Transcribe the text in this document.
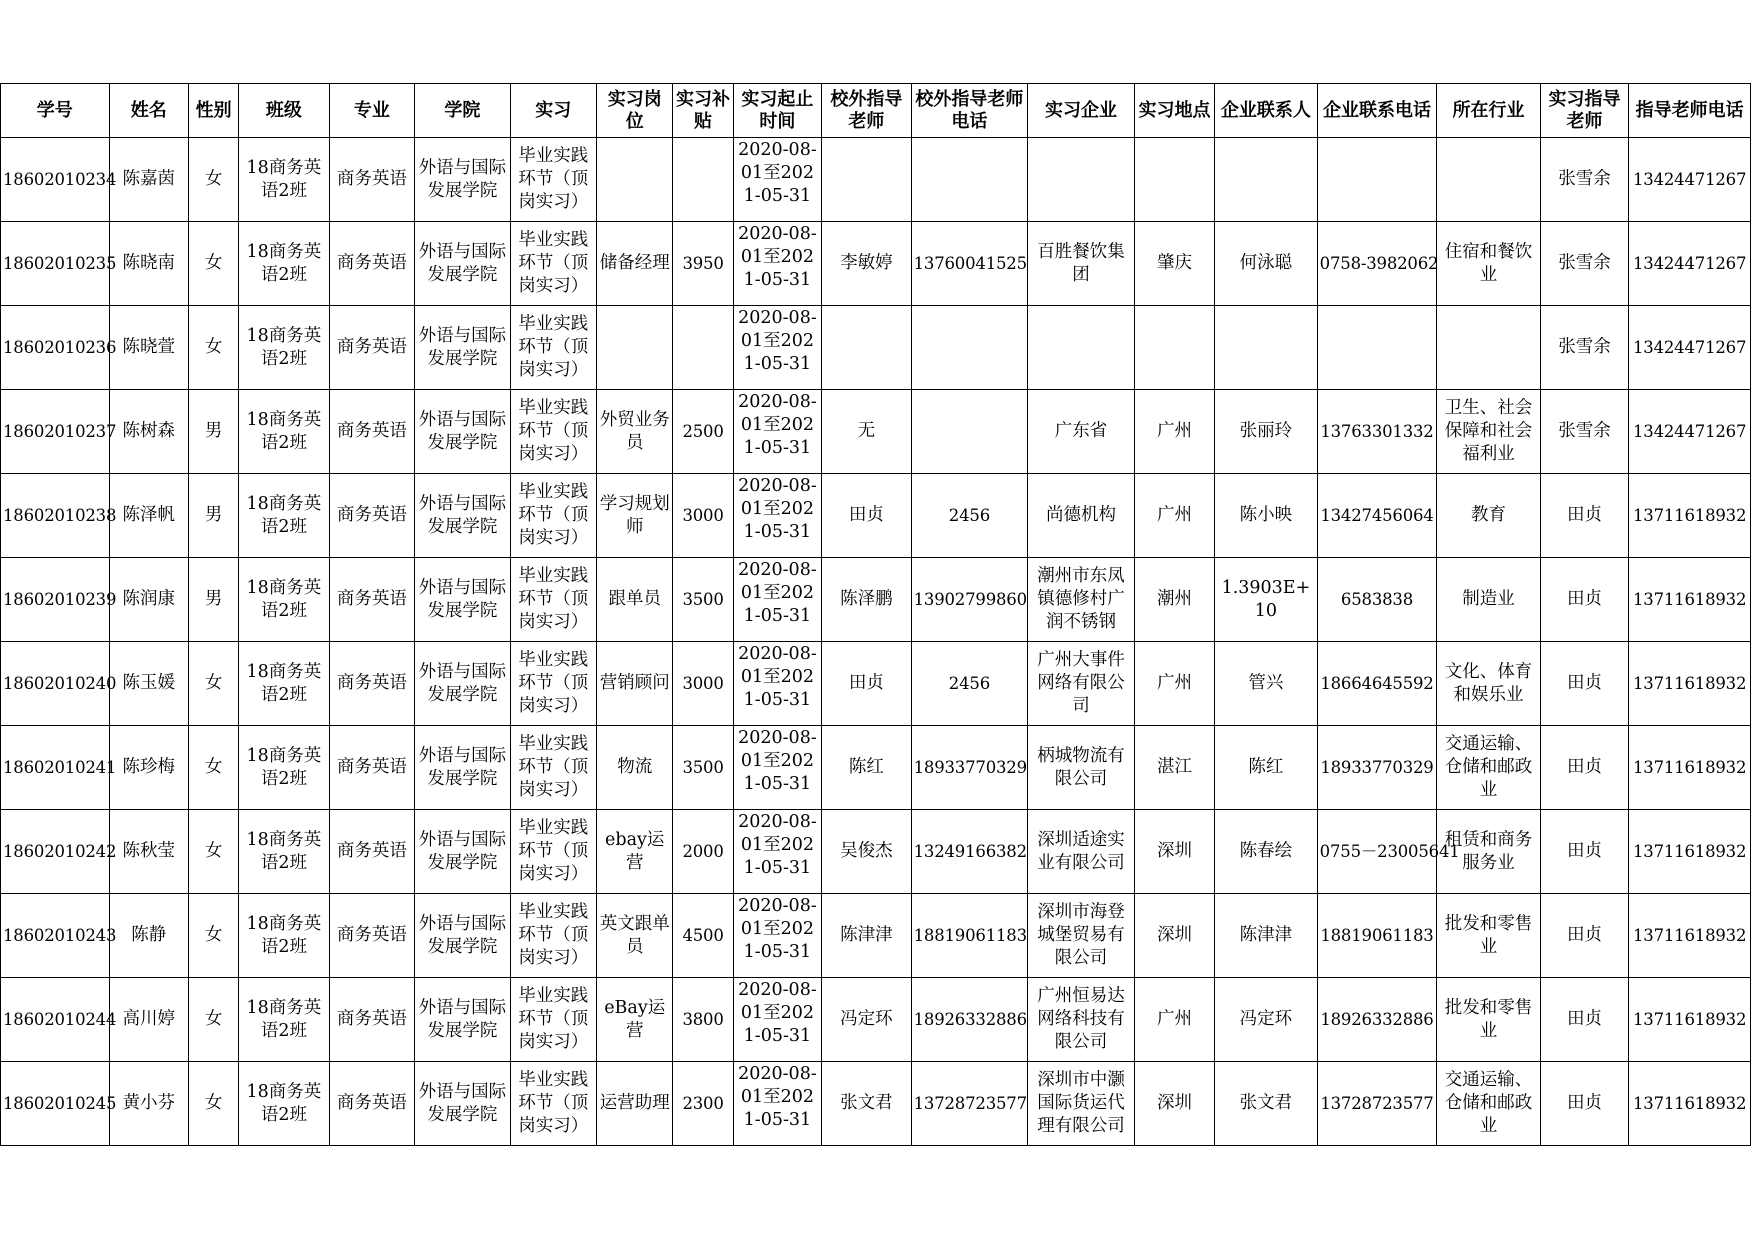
学号	姓名	性别	班级	专业	学院	实习	实习岗位	实习补贴	实习起止时间	校外指导老师	校外指导老师电话	实习企业	实习地点	企业联系人	企业联系电话	所在行业	实习指导老师	指导老师电话
18602010234	陈嘉茵	女	18商务英语2班	商务英语	外语与国际发展学院	毕业实践环节（顶岗实习）			2020-08-01至2021-05-31								张雪余	13424471267
18602010235	陈晓南	女	18商务英语2班	商务英语	外语与国际发展学院	毕业实践环节（顶岗实习）	储备经理	3950	2020-08-01至2021-05-31	李敏婷	13760041525	百胜餐饮集团	肇庆	何泳聪	0758-3982062	住宿和餐饮业	张雪余	13424471267
18602010236	陈晓萱	女	18商务英语2班	商务英语	外语与国际发展学院	毕业实践环节（顶岗实习）			2020-08-01至2021-05-31								张雪余	13424471267
18602010237	陈树森	男	18商务英语2班	商务英语	外语与国际发展学院	毕业实践环节（顶岗实习）	外贸业务员	2500	2020-08-01至2021-05-31	无		广东省	广州	张丽玲	13763301332	卫生、社会保障和社会福利业	张雪余	13424471267
18602010238	陈泽帆	男	18商务英语2班	商务英语	外语与国际发展学院	毕业实践环节（顶岗实习）	学习规划师	3000	2020-08-01至2021-05-31	田贞	2456	尚德机构	广州	陈小映	13427456064	教育	田贞	13711618932
18602010239	陈润康	男	18商务英语2班	商务英语	外语与国际发展学院	毕业实践环节（顶岗实习）	跟单员	3500	2020-08-01至2021-05-31	陈泽鹏	13902799860	潮州市东凤镇德修村广润不锈钢	潮州	1.3903E+10	6583838	制造业	田贞	13711618932
18602010240	陈玉媛	女	18商务英语2班	商务英语	外语与国际发展学院	毕业实践环节（顶岗实习）	营销顾问	3000	2020-08-01至2021-05-31	田贞	2456	广州大事件网络有限公司	广州	管兴	18664645592	文化、体育和娱乐业	田贞	13711618932
18602010241	陈珍梅	女	18商务英语2班	商务英语	外语与国际发展学院	毕业实践环节（顶岗实习）	物流	3500	2020-08-01至2021-05-31	陈红	18933770329	柄城物流有限公司	湛江	陈红	18933770329	交通运输、仓储和邮政业	田贞	13711618932
18602010242	陈秋莹	女	18商务英语2班	商务英语	外语与国际发展学院	毕业实践环节（顶岗实习）	ebay运营	2000	2020-08-01至2021-05-31	吴俊杰	13249166382	深圳适途实业有限公司	深圳	陈春绘	0755－23005641	租赁和商务服务业	田贞	13711618932
18602010243	陈静	女	18商务英语2班	商务英语	外语与国际发展学院	毕业实践环节（顶岗实习）	英文跟单员	4500	2020-08-01至2021-05-31	陈津津	18819061183	深圳市海登城堡贸易有限公司	深圳	陈津津	18819061183	批发和零售业	田贞	13711618932
18602010244	高川婷	女	18商务英语2班	商务英语	外语与国际发展学院	毕业实践环节（顶岗实习）	eBay运营	3800	2020-08-01至2021-05-31	冯定环	18926332886	广州恒易达网络科技有限公司	广州	冯定环	18926332886	批发和零售业	田贞	13711618932
18602010245	黄小芬	女	18商务英语2班	商务英语	外语与国际发展学院	毕业实践环节（顶岗实习）	运营助理	2300	2020-08-01至2021-05-31	张文君	13728723577	深圳市中灏国际货运代理有限公司	深圳	张文君	13728723577	交通运输、仓储和邮政业	田贞	13711618932
